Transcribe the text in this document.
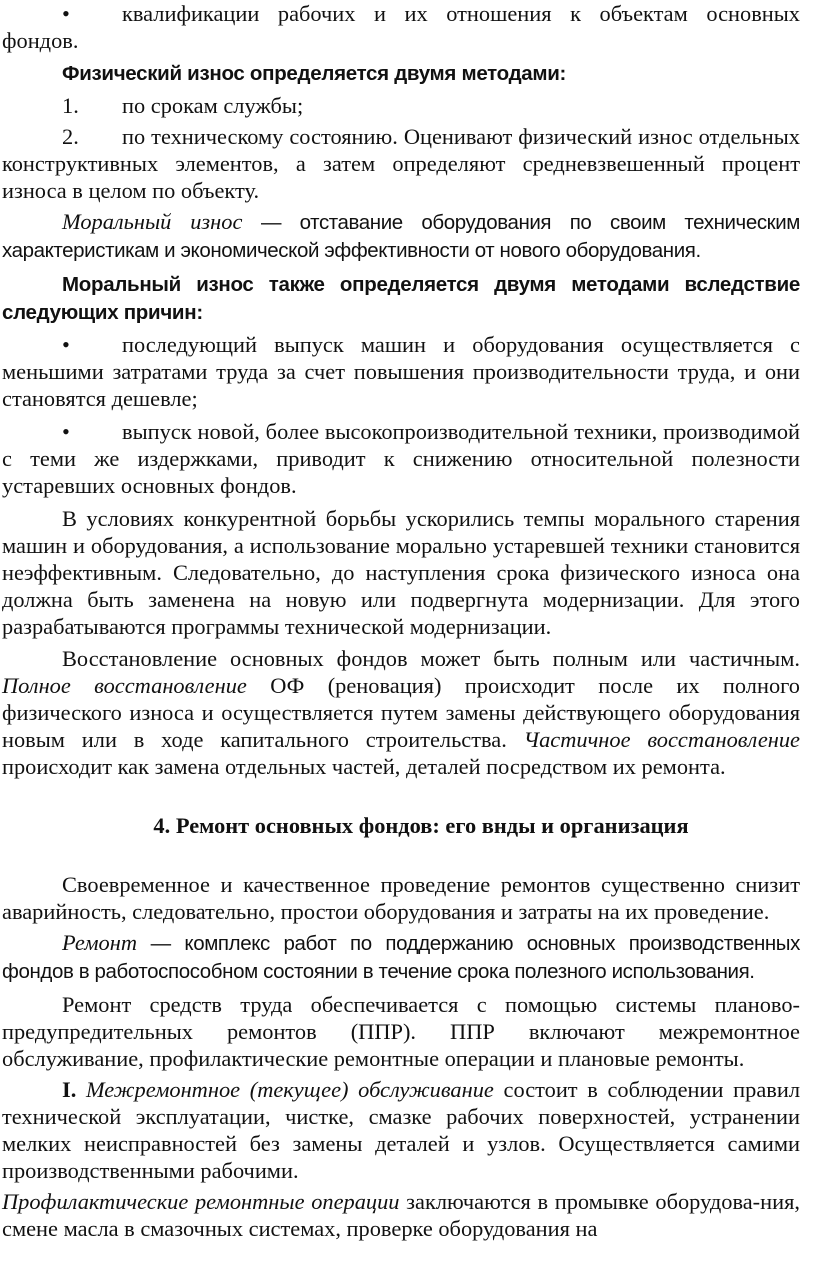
• квалификации рабочих и их отношения к объектам основных

фондов.

Физический износ определяется двумя методами:

1. по срокам службы;

2. по техническому состоянию. Оценивают физический износ отдельных конструктивных элементов, а затем определяют средневзвешенный процент износа в целом по объекту.

Моральный износ — отставание оборудования по своим техническим характеристикам и экономической эффективности от нового оборудования.

Моральный износ также определяется двумя методами вследствие следующих причин:

• последующий выпуск машин и оборудования осуществляется с меньшими затратами труда за счет повышения производительности труда, и они становятся дешевле;

• выпуск новой, более высокопроизводительной техники, производимой с теми же издержками, приводит к снижению относительной полезности устаревших основных фондов.

В условиях конкурентной борьбы ускорились темпы морального старения машин и оборудования, а использование морально устаревшей техники становится неэффективным. Следовательно, до наступления срока физического износа она должна быть заменена на новую или подвергнута модернизации. Для этого разрабатываются программы технической модернизации.

Восстановление основных фондов может быть полным или частичным. Полное восстановление ОФ (реновация) происходит после их полного физического износа и осуществляется путем замены действующего оборудования новым или в ходе капитального строительства. Частичное восстановление происходит как замена отдельных частей, деталей посредством их ремонта.

4. Ремонт основных фондов: его внды и организация

Своевременное и качественное проведение ремонтов существенно снизит аварийность, следовательно, простои оборудования и затраты на их проведение.

Ремонт — комплекс работ по поддержанию основных производственных фондов в работоспособном состоянии в течение срока полезного использования.

Ремонт средств труда обеспечивается с помощью системы планово-предупредительных ремонтов (ППР). ППР включают межремонтное обслуживание, профилактические ремонтные операции и плановые ремонты.

I. Межремонтное (текущее) обслуживание состоит в соблюдении правил технической эксплуатации, чистке, смазке рабочих поверхностей, устранении мелких неисправностей без замены деталей и узлов. Осуществляется самими производственными рабочими.

Профилактические ремонтные операции заключаются в промывке оборудова-ния, смене масла в смазочных системах, проверке оборудования на
